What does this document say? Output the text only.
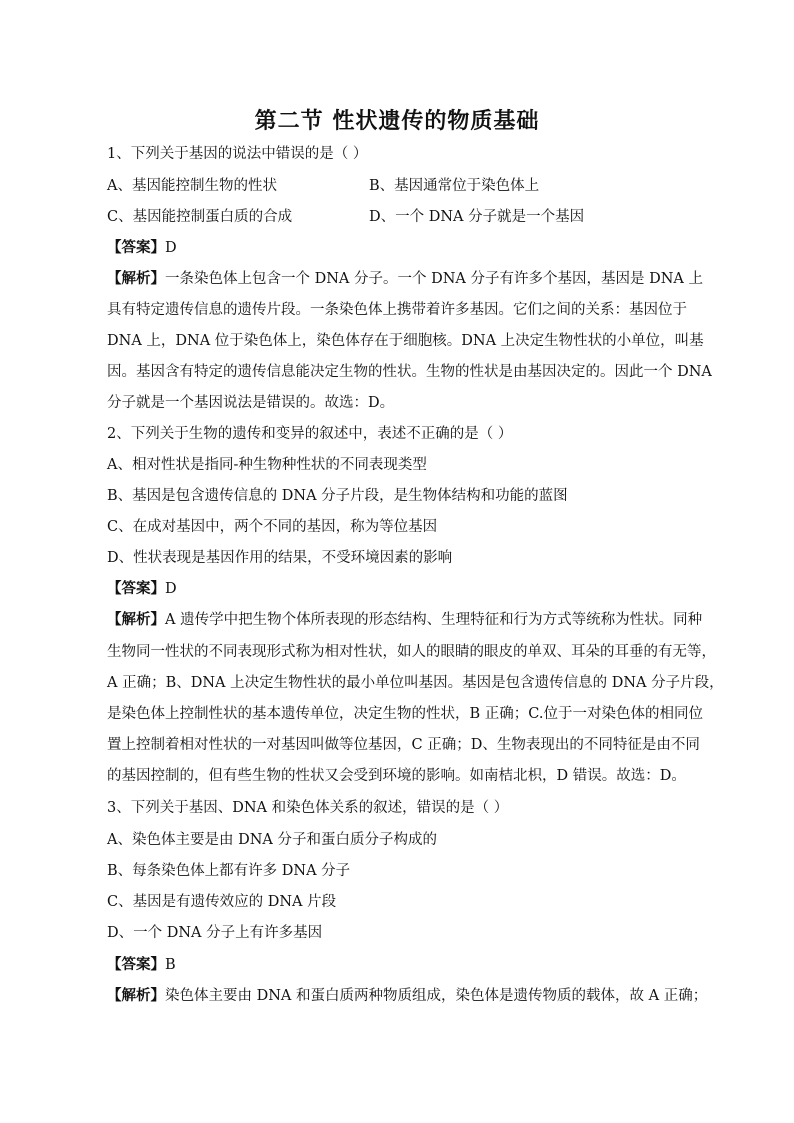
第二节 性状遗传的物质基础
1、下列关于基因的说法中错误的是（ ）
A、基因能控制生物的性状	B、基因通常位于染色体上
C、基因能控制蛋白质的合成	D、一个 DNA 分子就是一个基因
【答案】D
【解析】一条染色体上包含一个 DNA 分子。一个 DNA 分子有许多个基因，基因是 DNA 上
具有特定遗传信息的遗传片段。一条染色体上携带着许多基因。它们之间的关系：基因位于
DNA 上，DNA 位于染色体上，染色体存在于细胞核。DNA 上决定生物性状的小单位，叫基
因。基因含有特定的遗传信息能决定生物的性状。生物的性状是由基因决定的。因此一个 DNA
分子就是一个基因说法是错误的。故选：D。
2、下列关于生物的遗传和变异的叙述中，表述不正确的是（ ）
A、相对性状是指同-种生物种性状的不同表现类型
B、基因是包含遗传信息的 DNA 分子片段，是生物体结构和功能的蓝图
C、在成对基因中，两个不同的基因，称为等位基因
D、性状表现是基因作用的结果，不受环境因素的影响
【答案】D
【解析】A 遗传学中把生物个体所表现的形态结构、生理特征和行为方式等统称为性状。同种
生物同一性状的不同表现形式称为相对性状，如人的眼睛的眼皮的单双、耳朵的耳垂的有无等，
A 正确；B、DNA 上决定生物性状的最小单位叫基因。基因是包含遗传信息的 DNA 分子片段，
是染色体上控制性状的基本遗传单位，决定生物的性状，B 正确；C.位于一对染色体的相同位
置上控制着相对性状的一对基因叫做等位基因，C 正确；D、生物表现出的不同特征是由不同
的基因控制的，但有些生物的性状又会受到环境的影响。如南桔北枳，D 错误。故选：D。
3、下列关于基因、DNA 和染色体关系的叙述，错误的是（ ）
A、染色体主要是由 DNA 分子和蛋白质分子构成的
B、每条染色体上都有许多 DNA 分子
C、基因是有遗传效应的 DNA 片段
D、一个 DNA 分子上有许多基因
【答案】B
【解析】染色体主要由 DNA 和蛋白质两种物质组成，染色体是遗传物质的载体，故 A 正确；
